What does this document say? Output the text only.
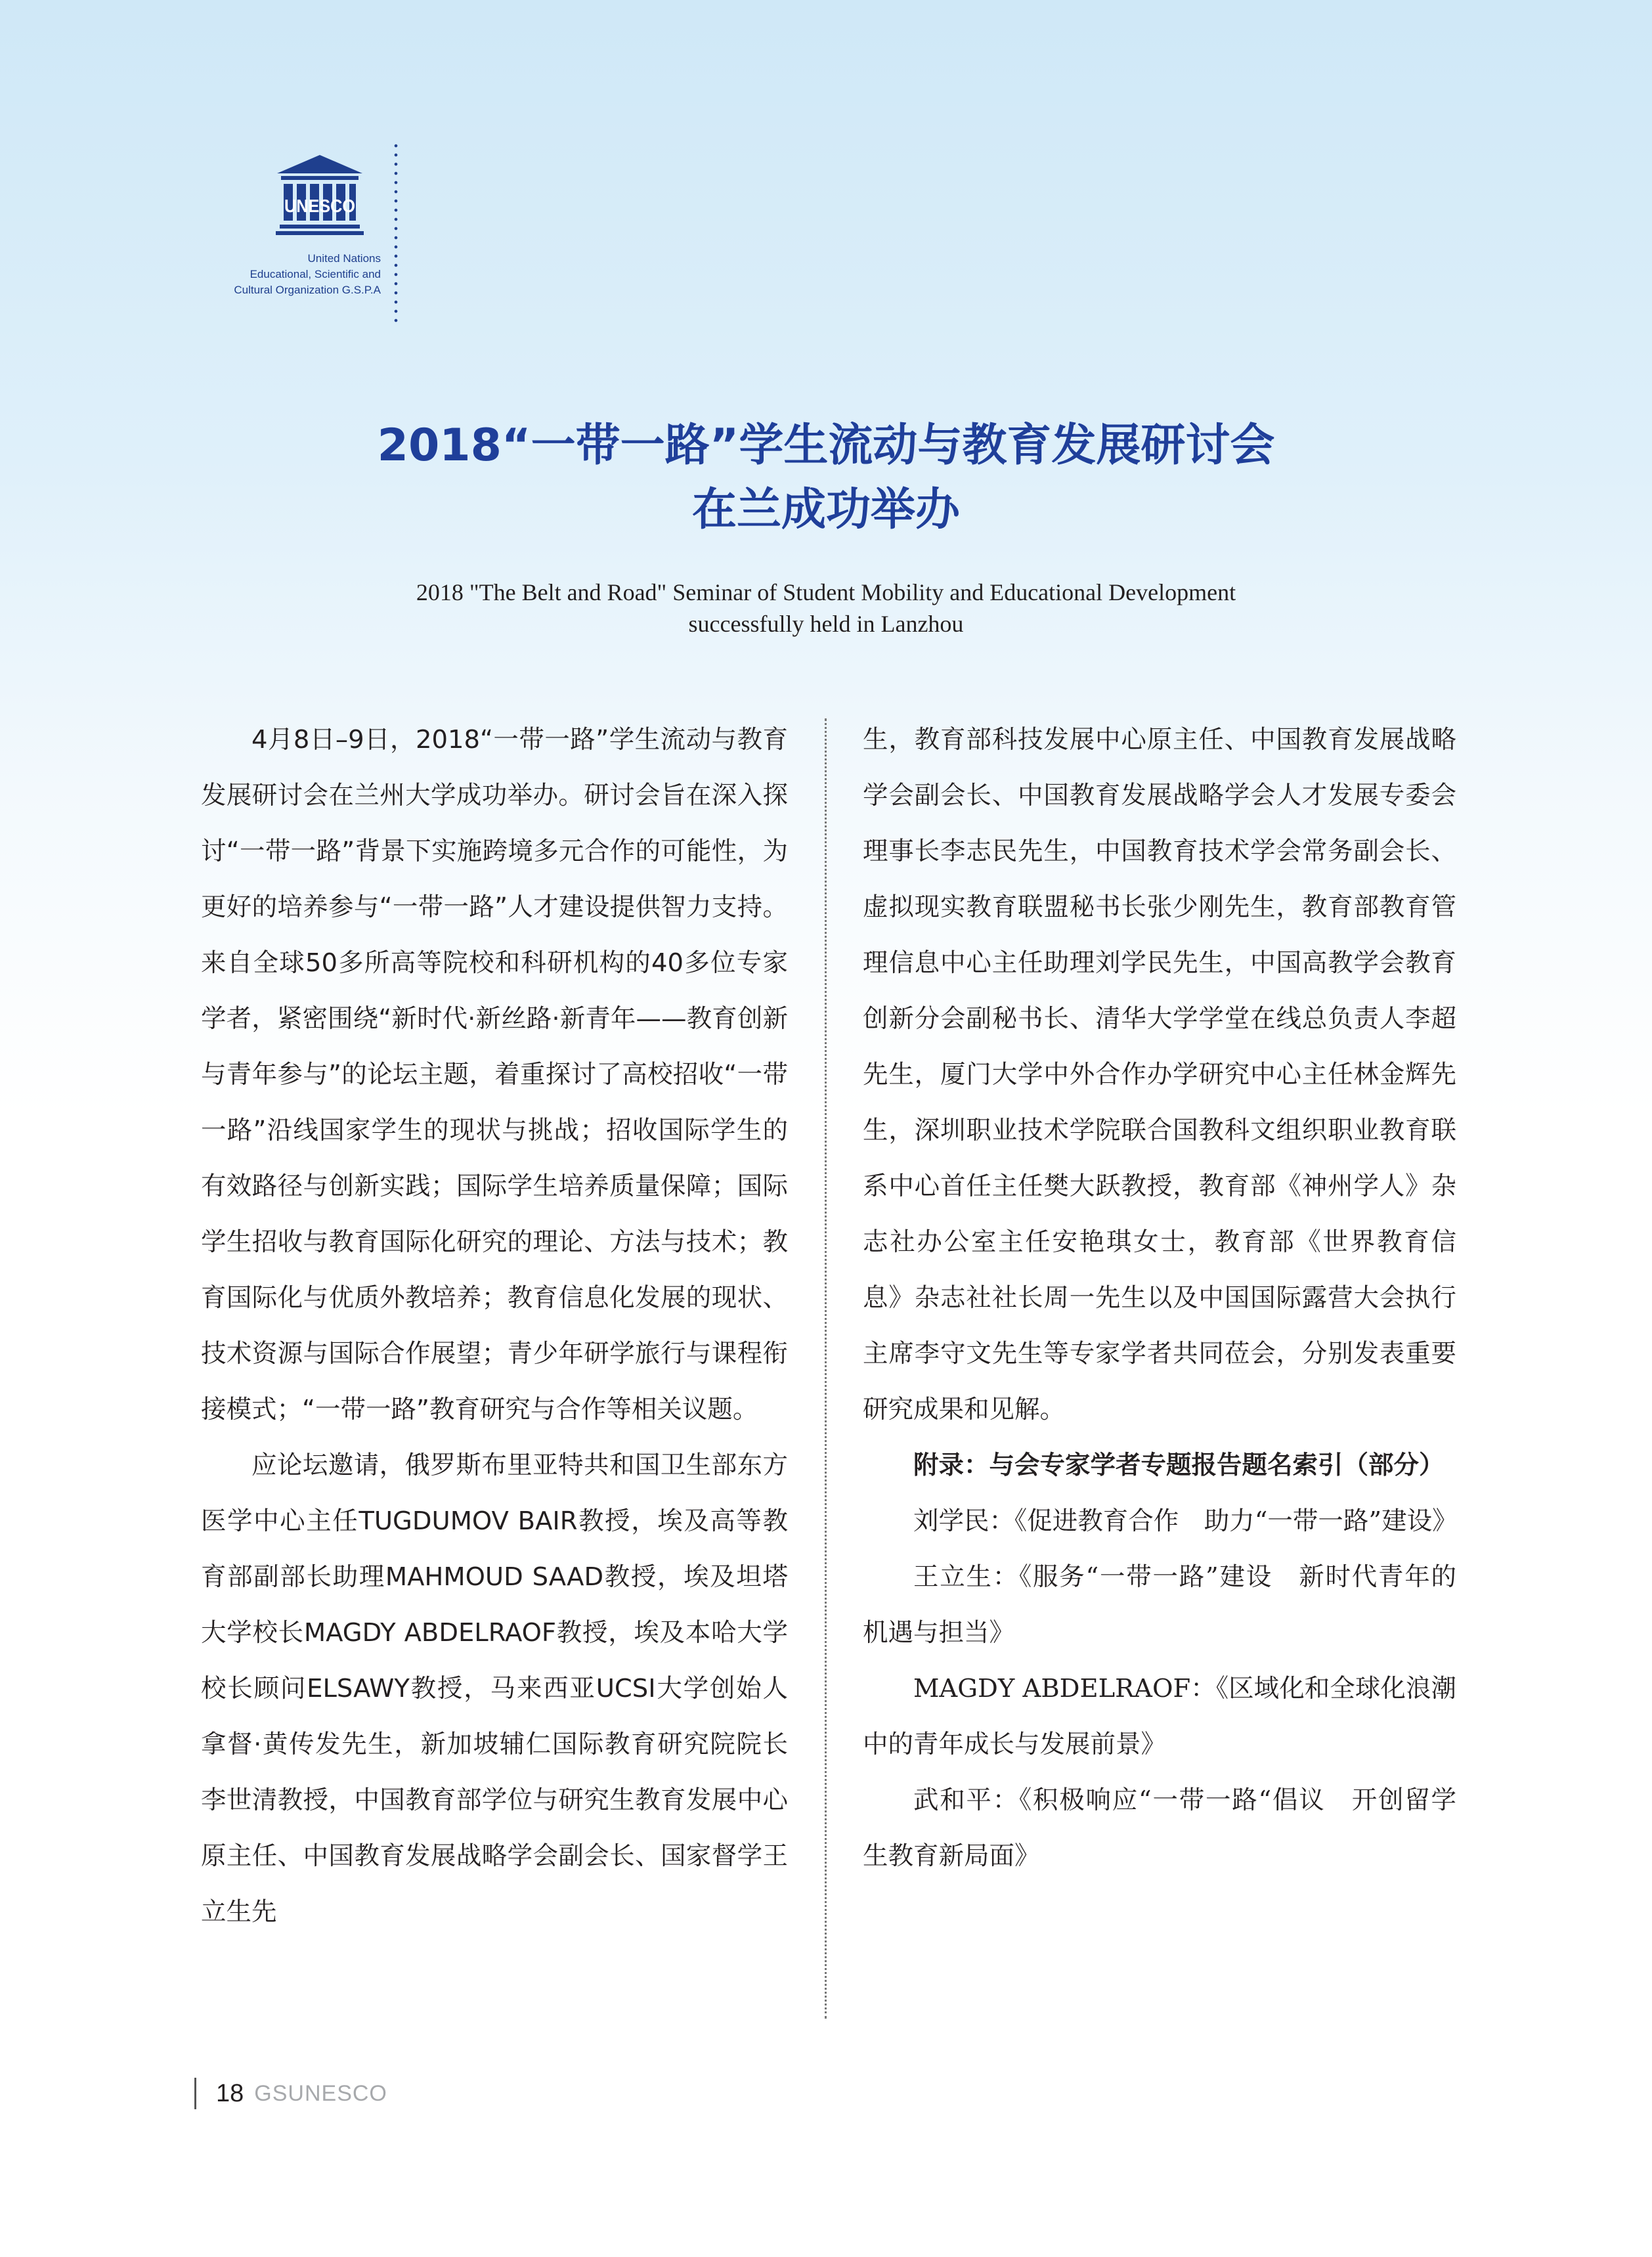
UNESCO
United Nations
Educational, Scientific and
Cultural Organization G.S.P.A
2018“一带一路”学生流动与教育发展研讨会
在兰成功举办
2018 "The Belt and Road" Seminar of Student Mobility and Educational Development
successfully held in Lanzhou

4月8日–9日，2018“一带一路”学生流动与教育发展研讨会在兰州大学成功举办。研讨会旨在深入探讨“一带一路”背景下实施跨境多元合作的可能性，为更好的培养参与“一带一路”人才建设提供智力支持。来自全球50多所高等院校和科研机构的40多位专家学者，紧密围绕“新时代·新丝路·新青年——教育创新与青年参与”的论坛主题，着重探讨了高校招收“一带一路”沿线国家学生的现状与挑战；招收国际学生的有效路径与创新实践；国际学生培养质量保障；国际学生招收与教育国际化研究的理论、方法与技术；教育国际化与优质外教培养；教育信息化发展的现状、技术资源与国际合作展望；青少年研学旅行与课程衔接模式；“一带一路”教育研究与合作等相关议题。

应论坛邀请，俄罗斯布里亚特共和国卫生部东方医学中心主任TUGDUMOV BAIR教授，埃及高等教育部副部长助理MAHMOUD SAAD教授，埃及坦塔大学校长MAGDY ABDELRAOF教授，埃及本哈大学校长顾问ELSAWY教授，马来西亚UCSI大学创始人拿督·黄传发先生，新加坡辅仁国际教育研究院院长李世清教授，中国教育部学位与研究生教育发展中心原主任、中国教育发展战略学会副会长、国家督学王立生先

生，教育部科技发展中心原主任、中国教育发展战略学会副会长、中国教育发展战略学会人才发展专委会理事长李志民先生，中国教育技术学会常务副会长、虚拟现实教育联盟秘书长张少刚先生，教育部教育管理信息中心主任助理刘学民先生，中国高教学会教育创新分会副秘书长、清华大学学堂在线总负责人李超先生，厦门大学中外合作办学研究中心主任林金辉先生，深圳职业技术学院联合国教科文组织职业教育联系中心首任主任樊大跃教授，教育部《神州学人》杂志社办公室主任安艳琪女士，教育部《世界教育信息》杂志社社长周一先生以及中国国际露营大会执行主席李守文先生等专家学者共同莅会，分别发表重要研究成果和见解。

附录：与会专家学者专题报告题名索引（部分）

刘学民：《促进教育合作　助力“一带一路”建设》

王立生：《服务“一带一路”建设　新时代青年的机遇与担当》

MAGDY ABDELRAOF：《区域化和全球化浪潮中的青年成长与发展前景》

武和平：《积极响应“一带一路“倡议　开创留学生教育新局面》

18 GSUNESCO
